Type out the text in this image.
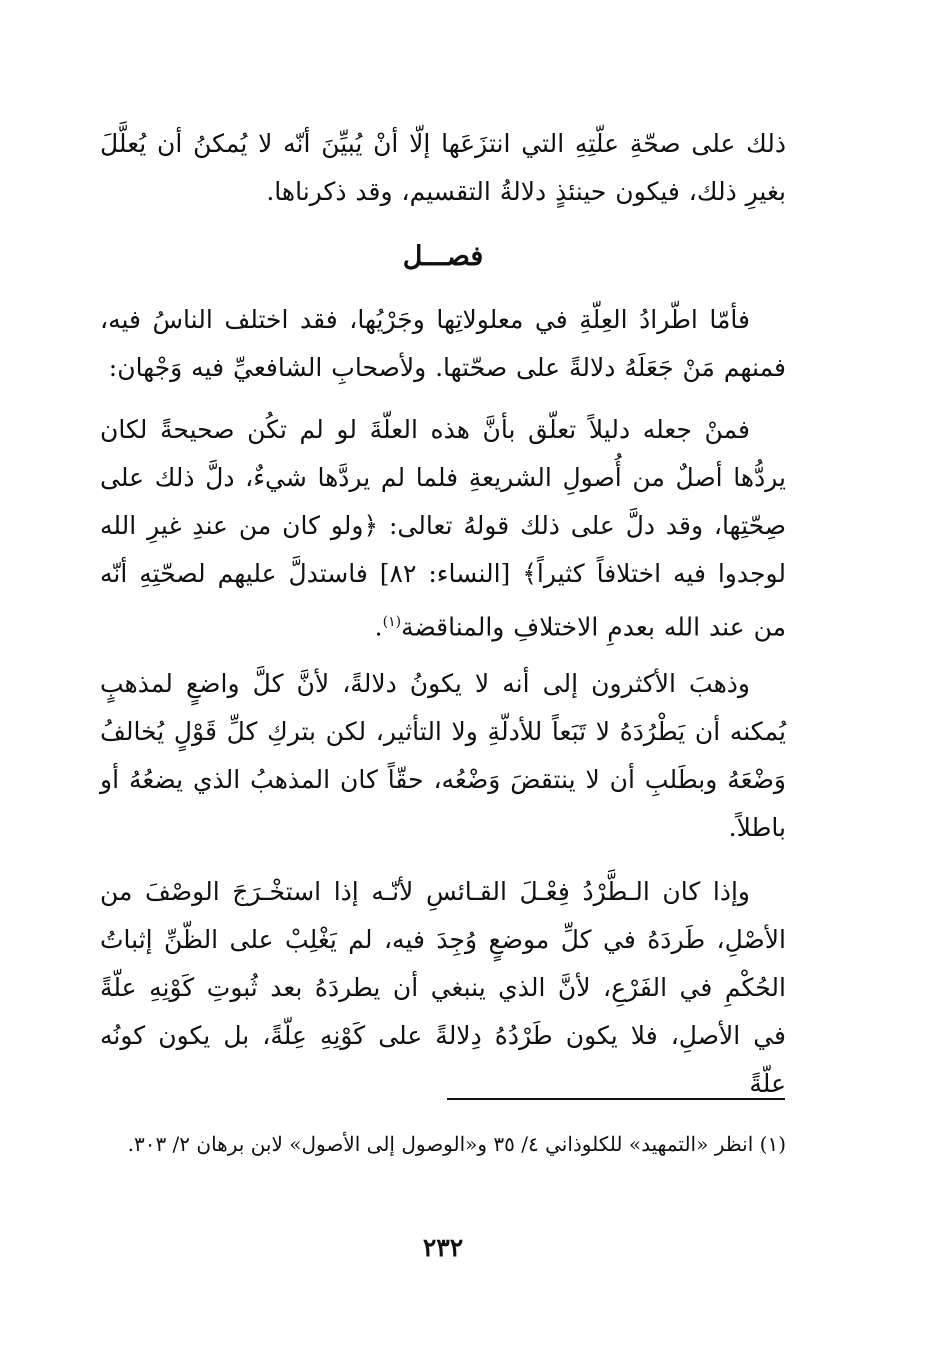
ذلك على صحّةِ علّتِهِ التي انتزَعَها إلّا أنْ يُبيِّنَ أنّه لا يُمكنُ أن يُعلَّلَ بغيرِ ذلك، فيكون حينئذٍ دلالةُ التقسيم، وقد ذكرناها.

فصـــل

فأمّا اطّرادُ العِلّةِ في معلولاتِها وجَرْيُها، فقد اختلف الناسُ فيه، فمنهم مَنْ جَعَلَهُ دلالةً على صحّتها. ولأصحابِ الشافعيِّ فيه وَجْهان:

فمنْ جعله دليلاً تعلّق بأنَّ هذه العلّةَ لو لم تكُن صحيحةً لكان يردُّها أصلٌ من أُصولِ الشريعةِ فلما لم يردَّها شيءٌ، دلَّ ذلك على صِحّتِها، وقد دلَّ على ذلك قولهُ تعالى: ﴿ولو كان من عندِ غيرِ الله لوجدوا فيه اختلافاً كثيراً﴾ [النساء: ٨٢] فاستدلَّ عليهم لصحّتِهِ أنّه من عند الله بعدمِ الاختلافِ والمناقضة$^{(١)}$.

وذهبَ الأكثرون إلى أنه لا يكونُ دلالةً، لأنَّ كلَّ واضعٍ لمذهبٍ يُمكنه أن يَطْرُدَهُ لا تَبَعاً للأدلّةِ ولا التأثير، لكن بتركِ كلِّ قَوْلٍ يُخالفُ وَضْعَهُ وبطَلبِ أن لا ينتقضَ وَضْعُه، حقّاً كان المذهبُ الذي يضعُهُ أو باطلاً.

وإذا كان الـطَّرْدُ فِعْـلَ القـائسِ لأنّـه إذا استخْـرَجَ الوصْفَ من الأصْلِ، طَردَهُ في كلِّ موضعٍ وُجِدَ فيه، لم يَغْلِبْ على الظّنِّ إثباتُ الحُكْمِ في الفَرْعِ، لأنَّ الذي ينبغي أن يطردَهُ بعد ثُبوتِ كَوْنِهِ علّةً في الأصلِ، فلا يكون طَرْدُهُ دِلالةً على كَوْنِهِ عِلّةً، بل يكون كونُه علّةً

(١) انظر «التمهيد» للكلوذاني ٤/ ٣٥ و«الوصول إلى الأصول» لابن برهان ٢/ ٣٠٣.

٢٣٢
